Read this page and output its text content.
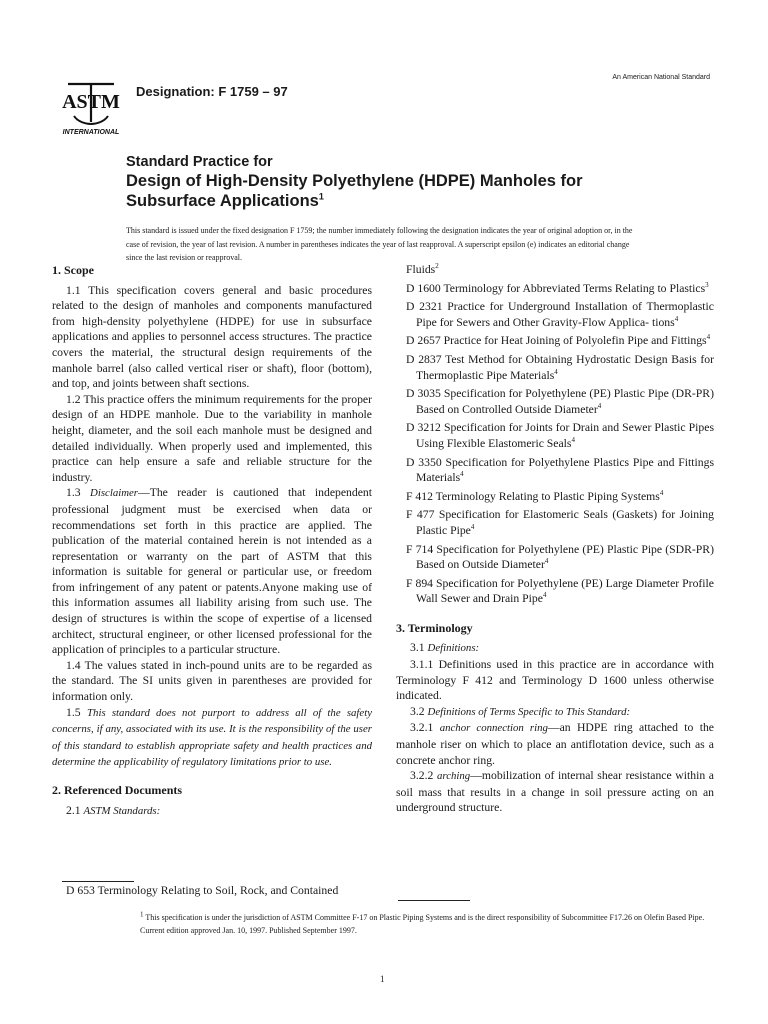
ASTM
INTERNATIONAL
Designation: F 1759 – 97
An American National Standard
Standard Practice for
Design of High-Density Polyethylene (HDPE) Manholes for
Subsurface Applications$^1$
This standard is issued under the fixed designation F 1759; the number immediately following the designation indicates the year of original adoption or, in the case of revision, the year of last revision. A number in parentheses indicates the year of last reapproval. A superscript epsilon (e) indicates an editorial change since the last revision or reapproval.

1. Scope

1.1 This specification covers general and basic procedures related to the design of manholes and components manufactured from high-density polyethylene (HDPE) for use in subsurface applications and applies to personnel access structures. The practice covers the material, the structural design requirements of the manhole barrel (also called vertical riser or shaft), floor (bottom), and top, and joints between shaft sections.

1.2 This practice offers the minimum requirements for the proper design of an HDPE manhole. Due to the variability in manhole height, diameter, and the soil each manhole must be designed and detailed individually. When properly used and implemented, this practice can help ensure a safe and reliable structure for the industry.

1.3 Disclaimer—The reader is cautioned that independent professional judgment must be exercised when data or recommendations set forth in this practice are applied. The publication of the material contained herein is not intended as a representation or warranty on the part of ASTM that this information is suitable for general or particular use, or freedom from infringement of any patent or patents.Anyone making use of this information assumes all liability arising from such use. The design of structures is within the scope of expertise of a licensed architect, structural engineer, or other licensed professional for the application of principles to a particular structure.

1.4 The values stated in inch-pound units are to be regarded as the standard. The SI units given in parentheses are provided for information only.

1.5 This standard does not purport to address all of the safety concerns, if any, associated with its use. It is the responsibility of the user of this standard to establish appropriate safety and health practices and determine the applicability of regulatory limitations prior to use.

2. Referenced Documents

2.1 ASTM Standards:

D 653 Terminology Relating to Soil, Rock, and Contained

Fluids$^2$

D 1600 Terminology for Abbreviated Terms Relating to Plastics$^3$

D 2321 Practice for Underground Installation of Thermoplastic Pipe for Sewers and Other Gravity-Flow Applica- tions$^4$

D 2657 Practice for Heat Joining of Polyolefin Pipe and Fittings$^4$

D 2837 Test Method for Obtaining Hydrostatic Design Basis for Thermoplastic Pipe Materials$^4$

D 3035 Specification for Polyethylene (PE) Plastic Pipe (DR-PR) Based on Controlled Outside Diameter$^4$

D 3212 Specification for Joints for Drain and Sewer Plastic Pipes Using Flexible Elastomeric Seals$^4$

D 3350 Specification for Polyethylene Plastics Pipe and Fittings Materials$^4$

F 412 Terminology Relating to Plastic Piping Systems$^4$

F 477 Specification for Elastomeric Seals (Gaskets) for Joining Plastic Pipe$^4$

F 714 Specification for Polyethylene (PE) Plastic Pipe (SDR-PR) Based on Outside Diameter$^4$

F 894 Specification for Polyethylene (PE) Large Diameter Profile Wall Sewer and Drain Pipe$^4$

3. Terminology

3.1 Definitions:

3.1.1 Definitions used in this practice are in accordance with Terminology F 412 and Terminology D 1600 unless otherwise indicated.

3.2 Definitions of Terms Specific to This Standard:

3.2.1 anchor connection ring—an HDPE ring attached to the manhole riser on which to place an antiflotation device, such as a concrete anchor ring.

3.2.2 arching—mobilization of internal shear resistance within a soil mass that results in a change in soil pressure acting on an underground structure.

$^1$ This specification is under the jurisdiction of ASTM Committee F-17 on Plastic Piping Systems and is the direct responsibility of Subcommittee F17.26 on Olefin Based Pipe.

Current edition approved Jan. 10, 1997. Published September 1997.

1
